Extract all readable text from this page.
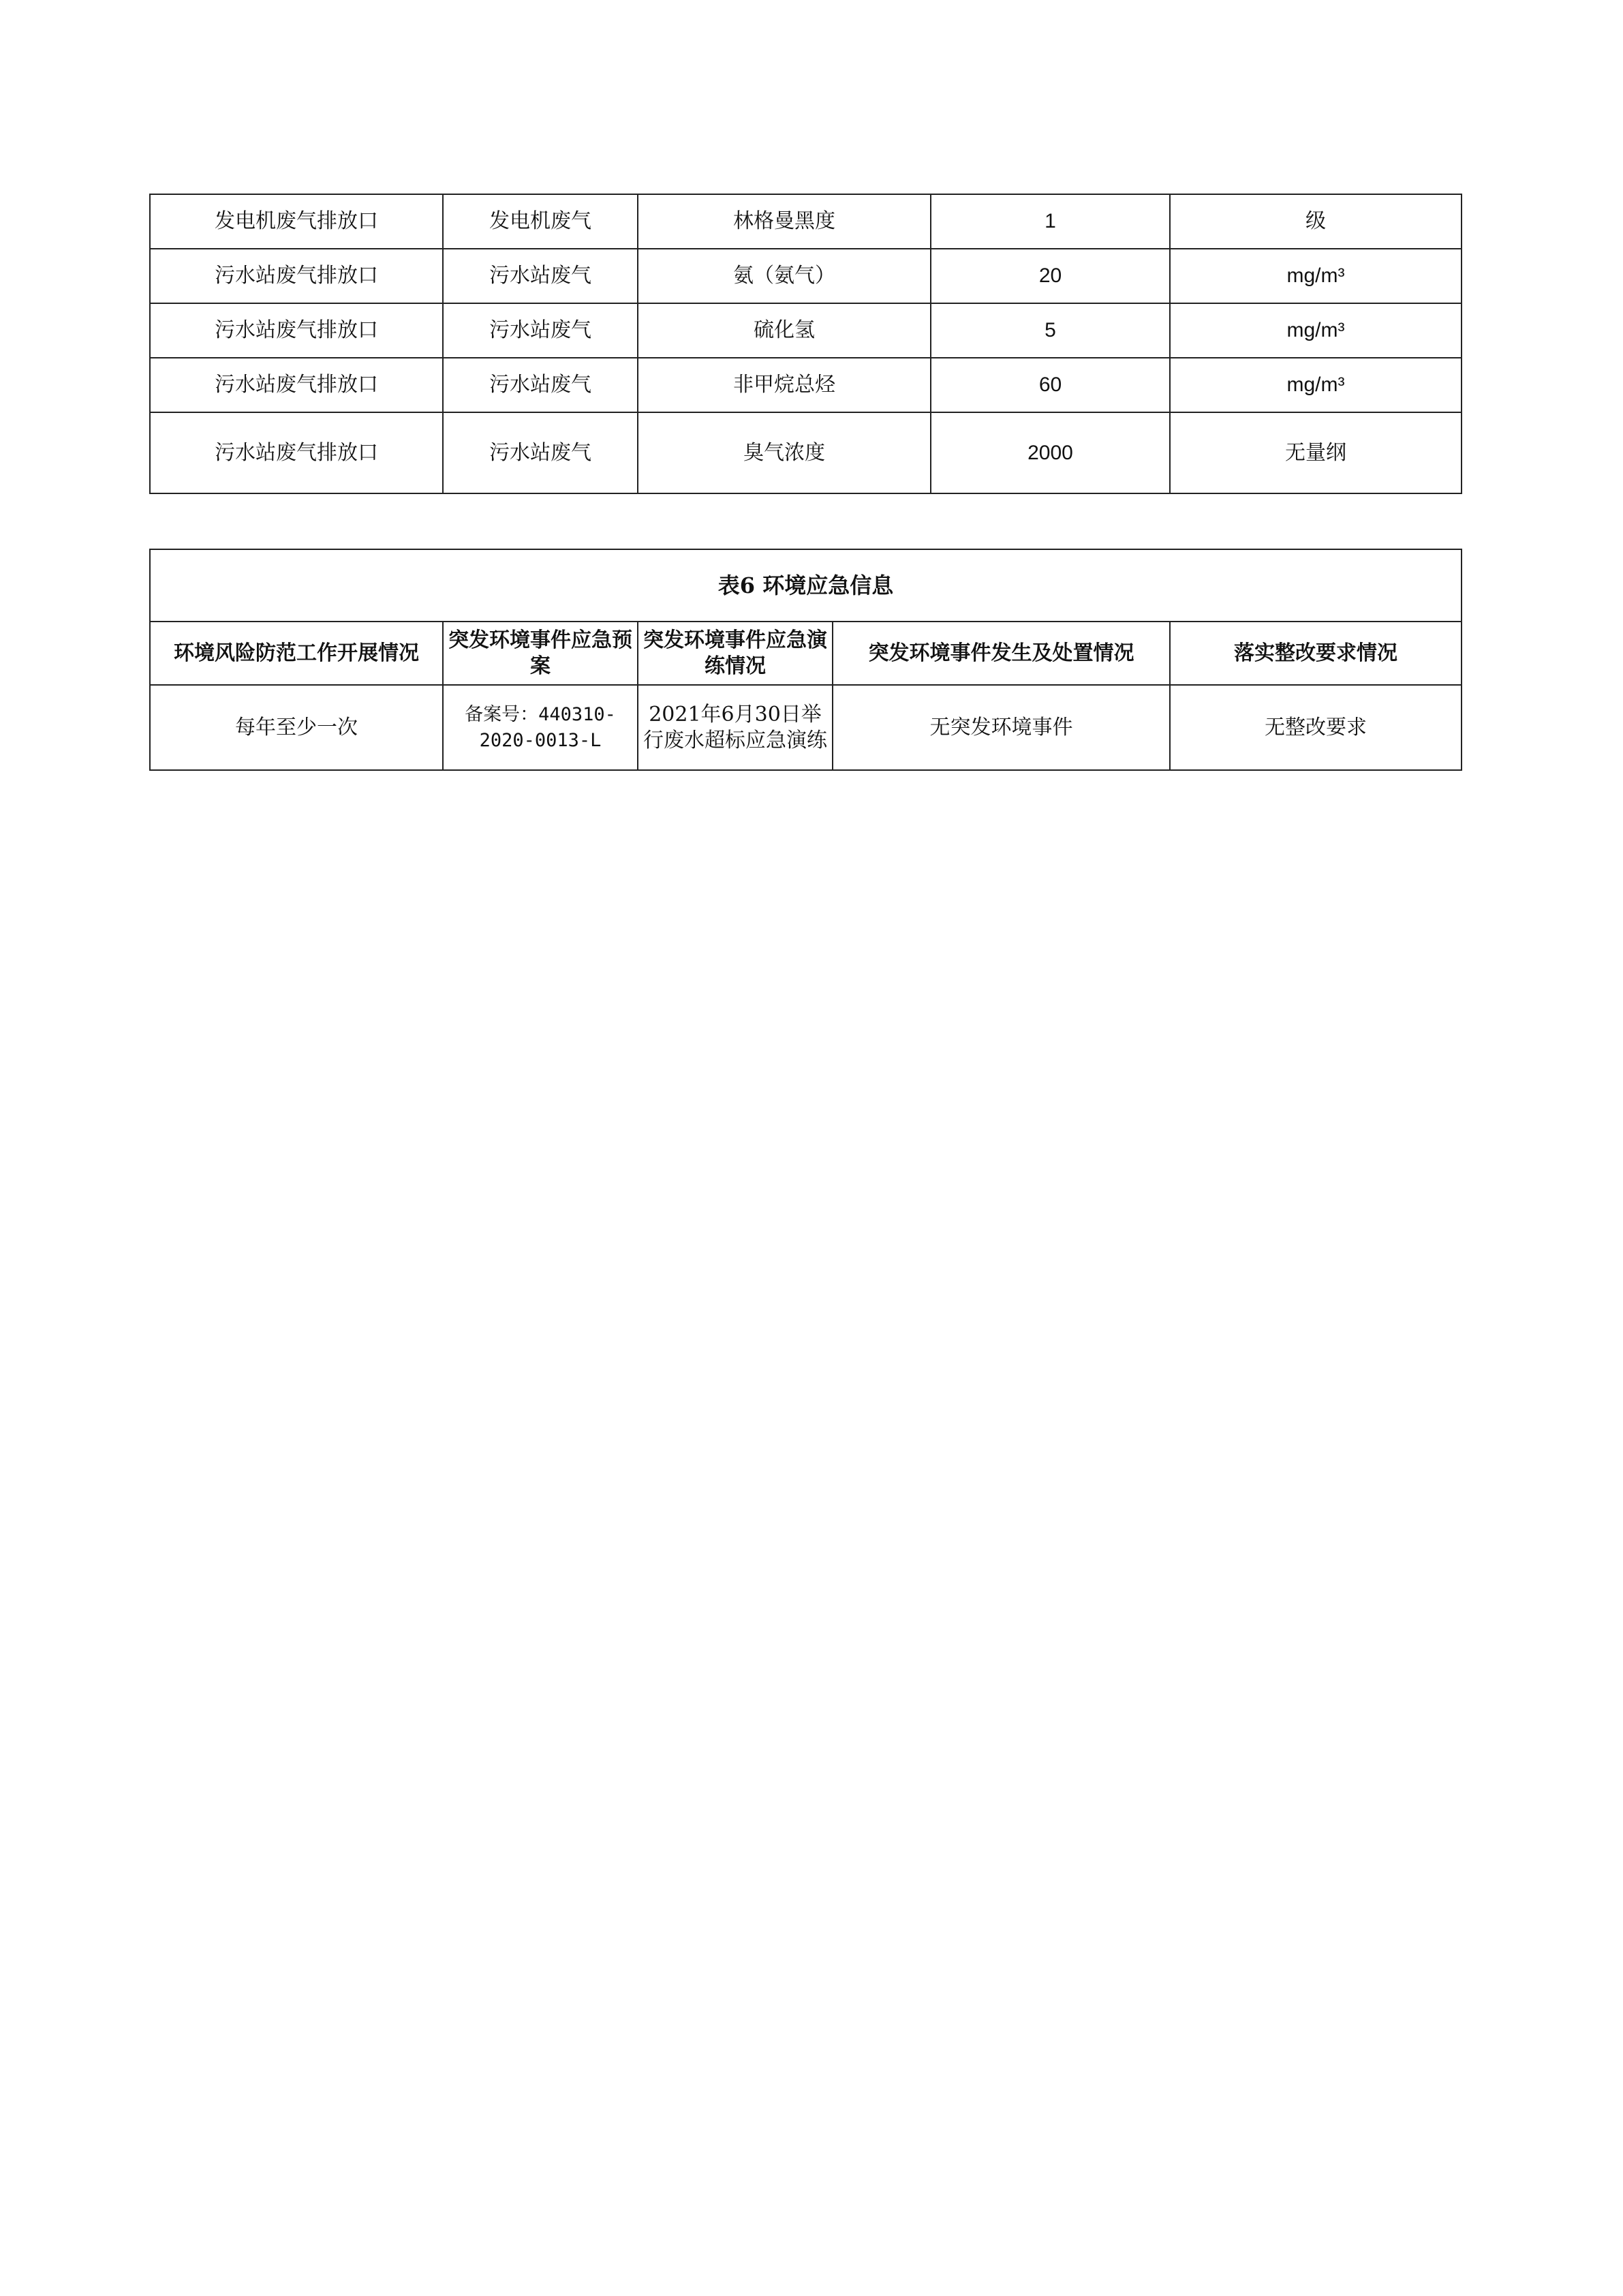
发电机废气排放口	发电机废气	林格曼黑度	1	级
污水站废气排放口	污水站废气	氨（氨气）	20	mg/m³
污水站废气排放口	污水站废气	硫化氢	5	mg/m³
污水站废气排放口	污水站废气	非甲烷总烃	60	mg/m³
污水站废气排放口	污水站废气	臭气浓度	2000	无量纲
表6 环境应急信息				
环境风险防范工作开展情况	突发环境事件应急预案	突发环境事件应急演练情况	突发环境事件发生及处置情况	落实整改要求情况
每年至少一次	备案号：440310-2020-0013-L	2021年6月30日举行废水超标应急演练	无突发环境事件	无整改要求
